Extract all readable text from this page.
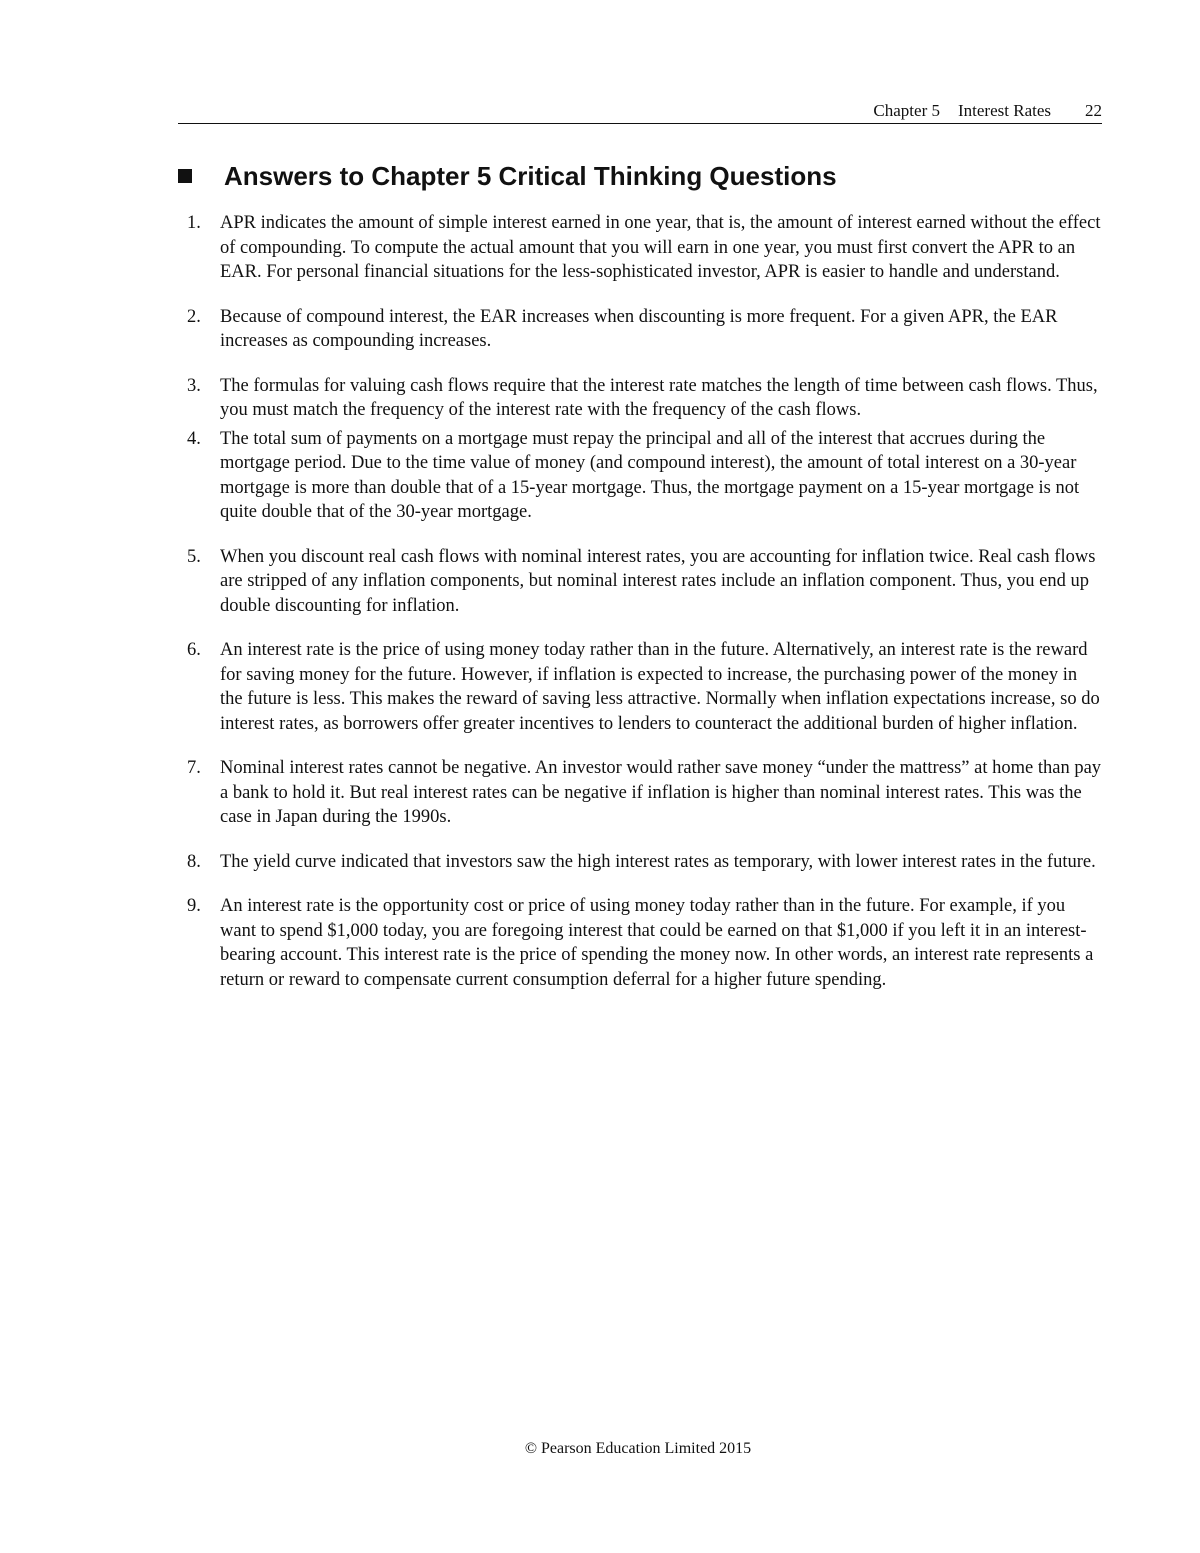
Chapter 5 Interest Rates 22
Answers to Chapter 5 Critical Thinking Questions
1. APR indicates the amount of simple interest earned in one year, that is, the amount of interest earned without the effect of compounding. To compute the actual amount that you will earn in one year, you must first convert the APR to an EAR. For personal financial situations for the less-sophisticated investor, APR is easier to handle and understand.
2. Because of compound interest, the EAR increases when discounting is more frequent. For a given APR, the EAR increases as compounding increases.
3. The formulas for valuing cash flows require that the interest rate matches the length of time between cash flows. Thus, you must match the frequency of the interest rate with the frequency of the cash flows.
4. The total sum of payments on a mortgage must repay the principal and all of the interest that accrues during the mortgage period. Due to the time value of money (and compound interest), the amount of total interest on a 30-year mortgage is more than double that of a 15-year mortgage. Thus, the mortgage payment on a 15-year mortgage is not quite double that of the 30-year mortgage.
5. When you discount real cash flows with nominal interest rates, you are accounting for inflation twice. Real cash flows are stripped of any inflation components, but nominal interest rates include an inflation component. Thus, you end up double discounting for inflation.
6. An interest rate is the price of using money today rather than in the future. Alternatively, an interest rate is the reward for saving money for the future. However, if inflation is expected to increase, the purchasing power of the money in the future is less. This makes the reward of saving less attractive. Normally when inflation expectations increase, so do interest rates, as borrowers offer greater incentives to lenders to counteract the additional burden of higher inflation.
7. Nominal interest rates cannot be negative. An investor would rather save money “under the mattress” at home than pay a bank to hold it. But real interest rates can be negative if inflation is higher than nominal interest rates. This was the case in Japan during the 1990s.
8. The yield curve indicated that investors saw the high interest rates as temporary, with lower interest rates in the future.
9. An interest rate is the opportunity cost or price of using money today rather than in the future. For example, if you want to spend $1,000 today, you are foregoing interest that could be earned on that $1,000 if you left it in an interest-bearing account. This interest rate is the price of spending the money now. In other words, an interest rate represents a return or reward to compensate current consumption deferral for a higher future spending.
© Pearson Education Limited 2015
